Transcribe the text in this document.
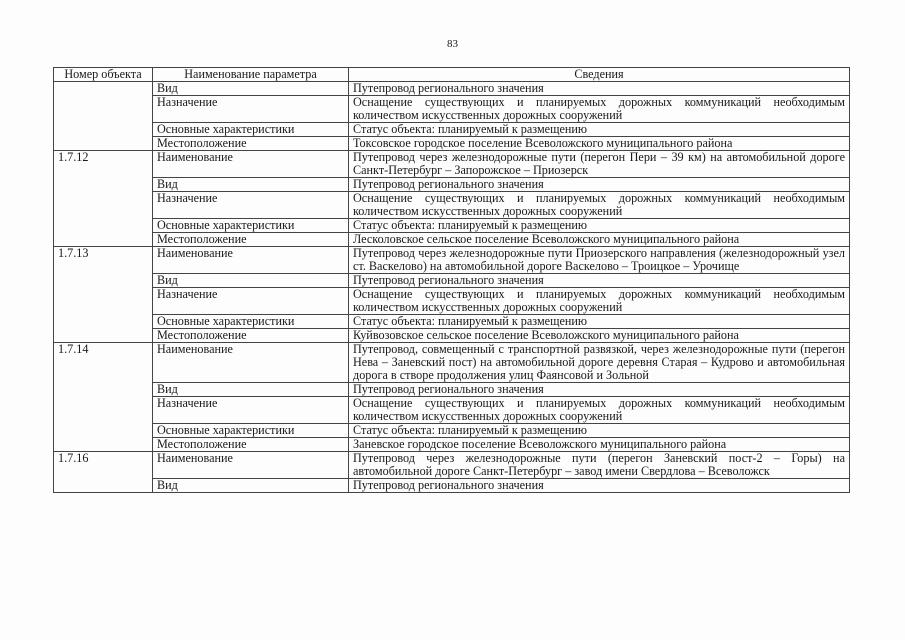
83
Номер объекта	Наименование параметра	Сведения
	Вид	Путепровод регионального значения
	Назначение	Оснащение существующих и планируемых дорожных коммуникаций необходимым количеством искусственных дорожных сооружений
	Основные характеристики	Статус объекта: планируемый к размещению
	Местоположение	Токсовское городское поселение Всеволожского муниципального района
1.7.12	Наименование	Путепровод через железнодорожные пути (перегон Пери – 39 км) на автомобильной дороге Санкт-Петербург – Запорожское – Приозерск
	Вид	Путепровод регионального значения
	Назначение	Оснащение существующих и планируемых дорожных коммуникаций необходимым количеством искусственных дорожных сооружений
	Основные характеристики	Статус объекта: планируемый к размещению
	Местоположение	Лесколовское сельское поселение Всеволожского муниципального района
1.7.13	Наименование	Путепровод через железнодорожные пути Приозерского направления (железнодорожный узел ст. Васкелово) на автомобильной дороге Васкелово – Троицкое – Урочище
	Вид	Путепровод регионального значения
	Назначение	Оснащение существующих и планируемых дорожных коммуникаций необходимым количеством искусственных дорожных сооружений
	Основные характеристики	Статус объекта: планируемый к размещению
	Местоположение	Куйвозовское сельское поселение Всеволожского муниципального района
1.7.14	Наименование	Путепровод, совмещенный с транспортной развязкой, через железнодорожные пути (перегон Нева – Заневский пост) на автомобильной дороге деревня Старая – Кудрово и автомобильная дорога в створе продолжения улиц Фаянсовой и Зольной
	Вид	Путепровод регионального значения
	Назначение	Оснащение существующих и планируемых дорожных коммуникаций необходимым количеством искусственных дорожных сооружений
	Основные характеристики	Статус объекта: планируемый к размещению
	Местоположение	Заневское городское поселение Всеволожского муниципального района
1.7.16	Наименование	Путепровод через железнодорожные пути (перегон Заневский пост-2 – Горы) на автомобильной дороге Санкт-Петербург – завод имени Свердлова – Всеволожск
	Вид	Путепровод регионального значения
